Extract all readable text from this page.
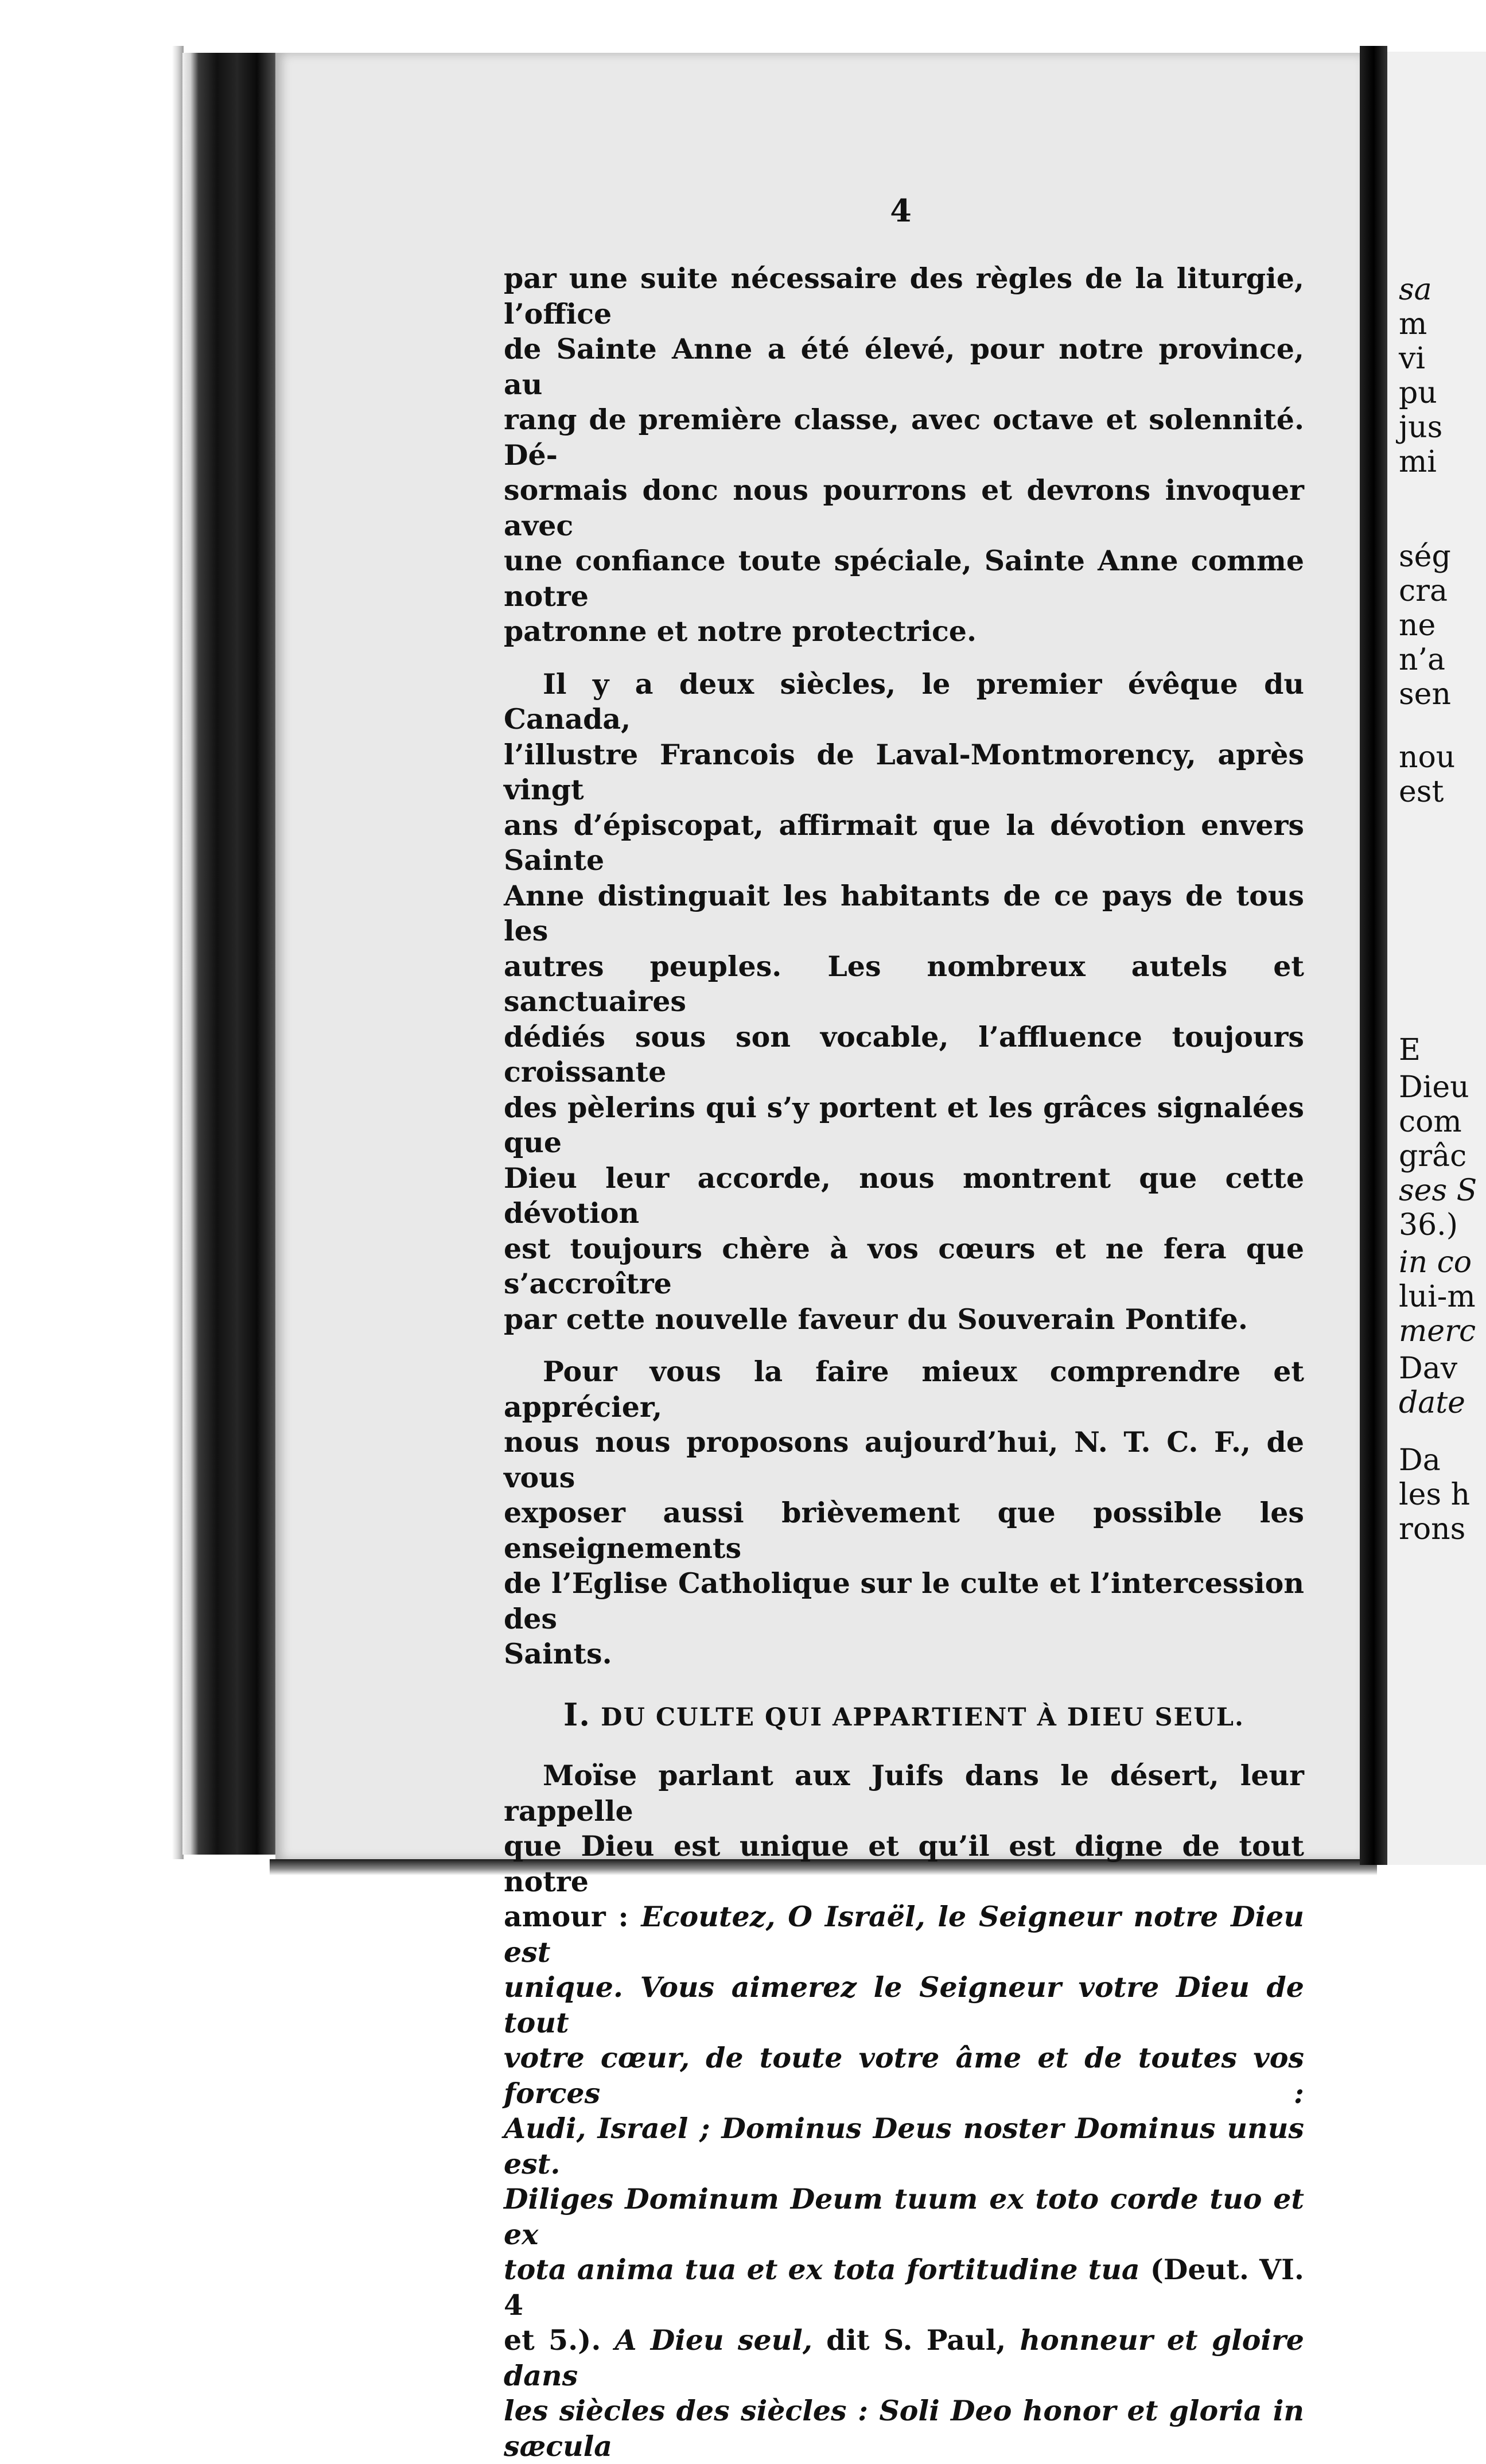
sa
m
vi
pu
jus
mi
ség
cra
ne
n’a
sen
nou
est
E
Dieu
com
grâc
ses S
36.)
in co
lui-m
merc
Dav
date
Da
les h
rons
4

par une suite nécessaire des règles de la liturgie, l’office
de Sainte Anne a été élevé, pour notre province, au
rang de première classe, avec octave et solennité. Dé-
sormais donc nous pourrons et devrons invoquer avec
une confiance toute spéciale, Sainte Anne comme notre
patronne et notre protectrice.

Il y a deux siècles, le premier évêque du Canada,
l’illustre Francois de Laval-Montmorency, après vingt
ans d’épiscopat, affirmait que la dévotion envers Sainte
Anne distinguait les habitants de ce pays de tous les
autres peuples. Les nombreux autels et sanctuaires
dédiés sous son vocable, l’affluence toujours croissante
des pèlerins qui s’y portent et les grâces signalées que
Dieu leur accorde, nous montrent que cette dévotion
est toujours chère à vos cœurs et ne fera que s’accroître
par cette nouvelle faveur du Souverain Pontife.

Pour vous la faire mieux comprendre et apprécier,
nous nous proposons aujourd’hui, N. T. C. F., de vous
exposer aussi brièvement que possible les enseignements
de l’Eglise Catholique sur le culte et l’intercession des
Saints.

I. DU CULTE QUI APPARTIENT À DIEU SEUL.

Moïse parlant aux Juifs dans le désert, leur rappelle
que Dieu est unique et qu’il est digne de tout notre
amour : Ecoutez, O Israël, le Seigneur notre Dieu est
unique. Vous aimerez le Seigneur votre Dieu de tout
votre cœur, de toute votre âme et de toutes vos forces :
Audi, Israel ; Dominus Deus noster Dominus unus est.
Diliges Dominum Deum tuum ex toto corde tuo et ex
tota anima tua et ex tota fortitudine tua (Deut. VI. 4
et 5.). A Dieu seul, dit S. Paul, honneur et gloire dans
les siècles des siècles : Soli Deo honor et gloria in sæcula
